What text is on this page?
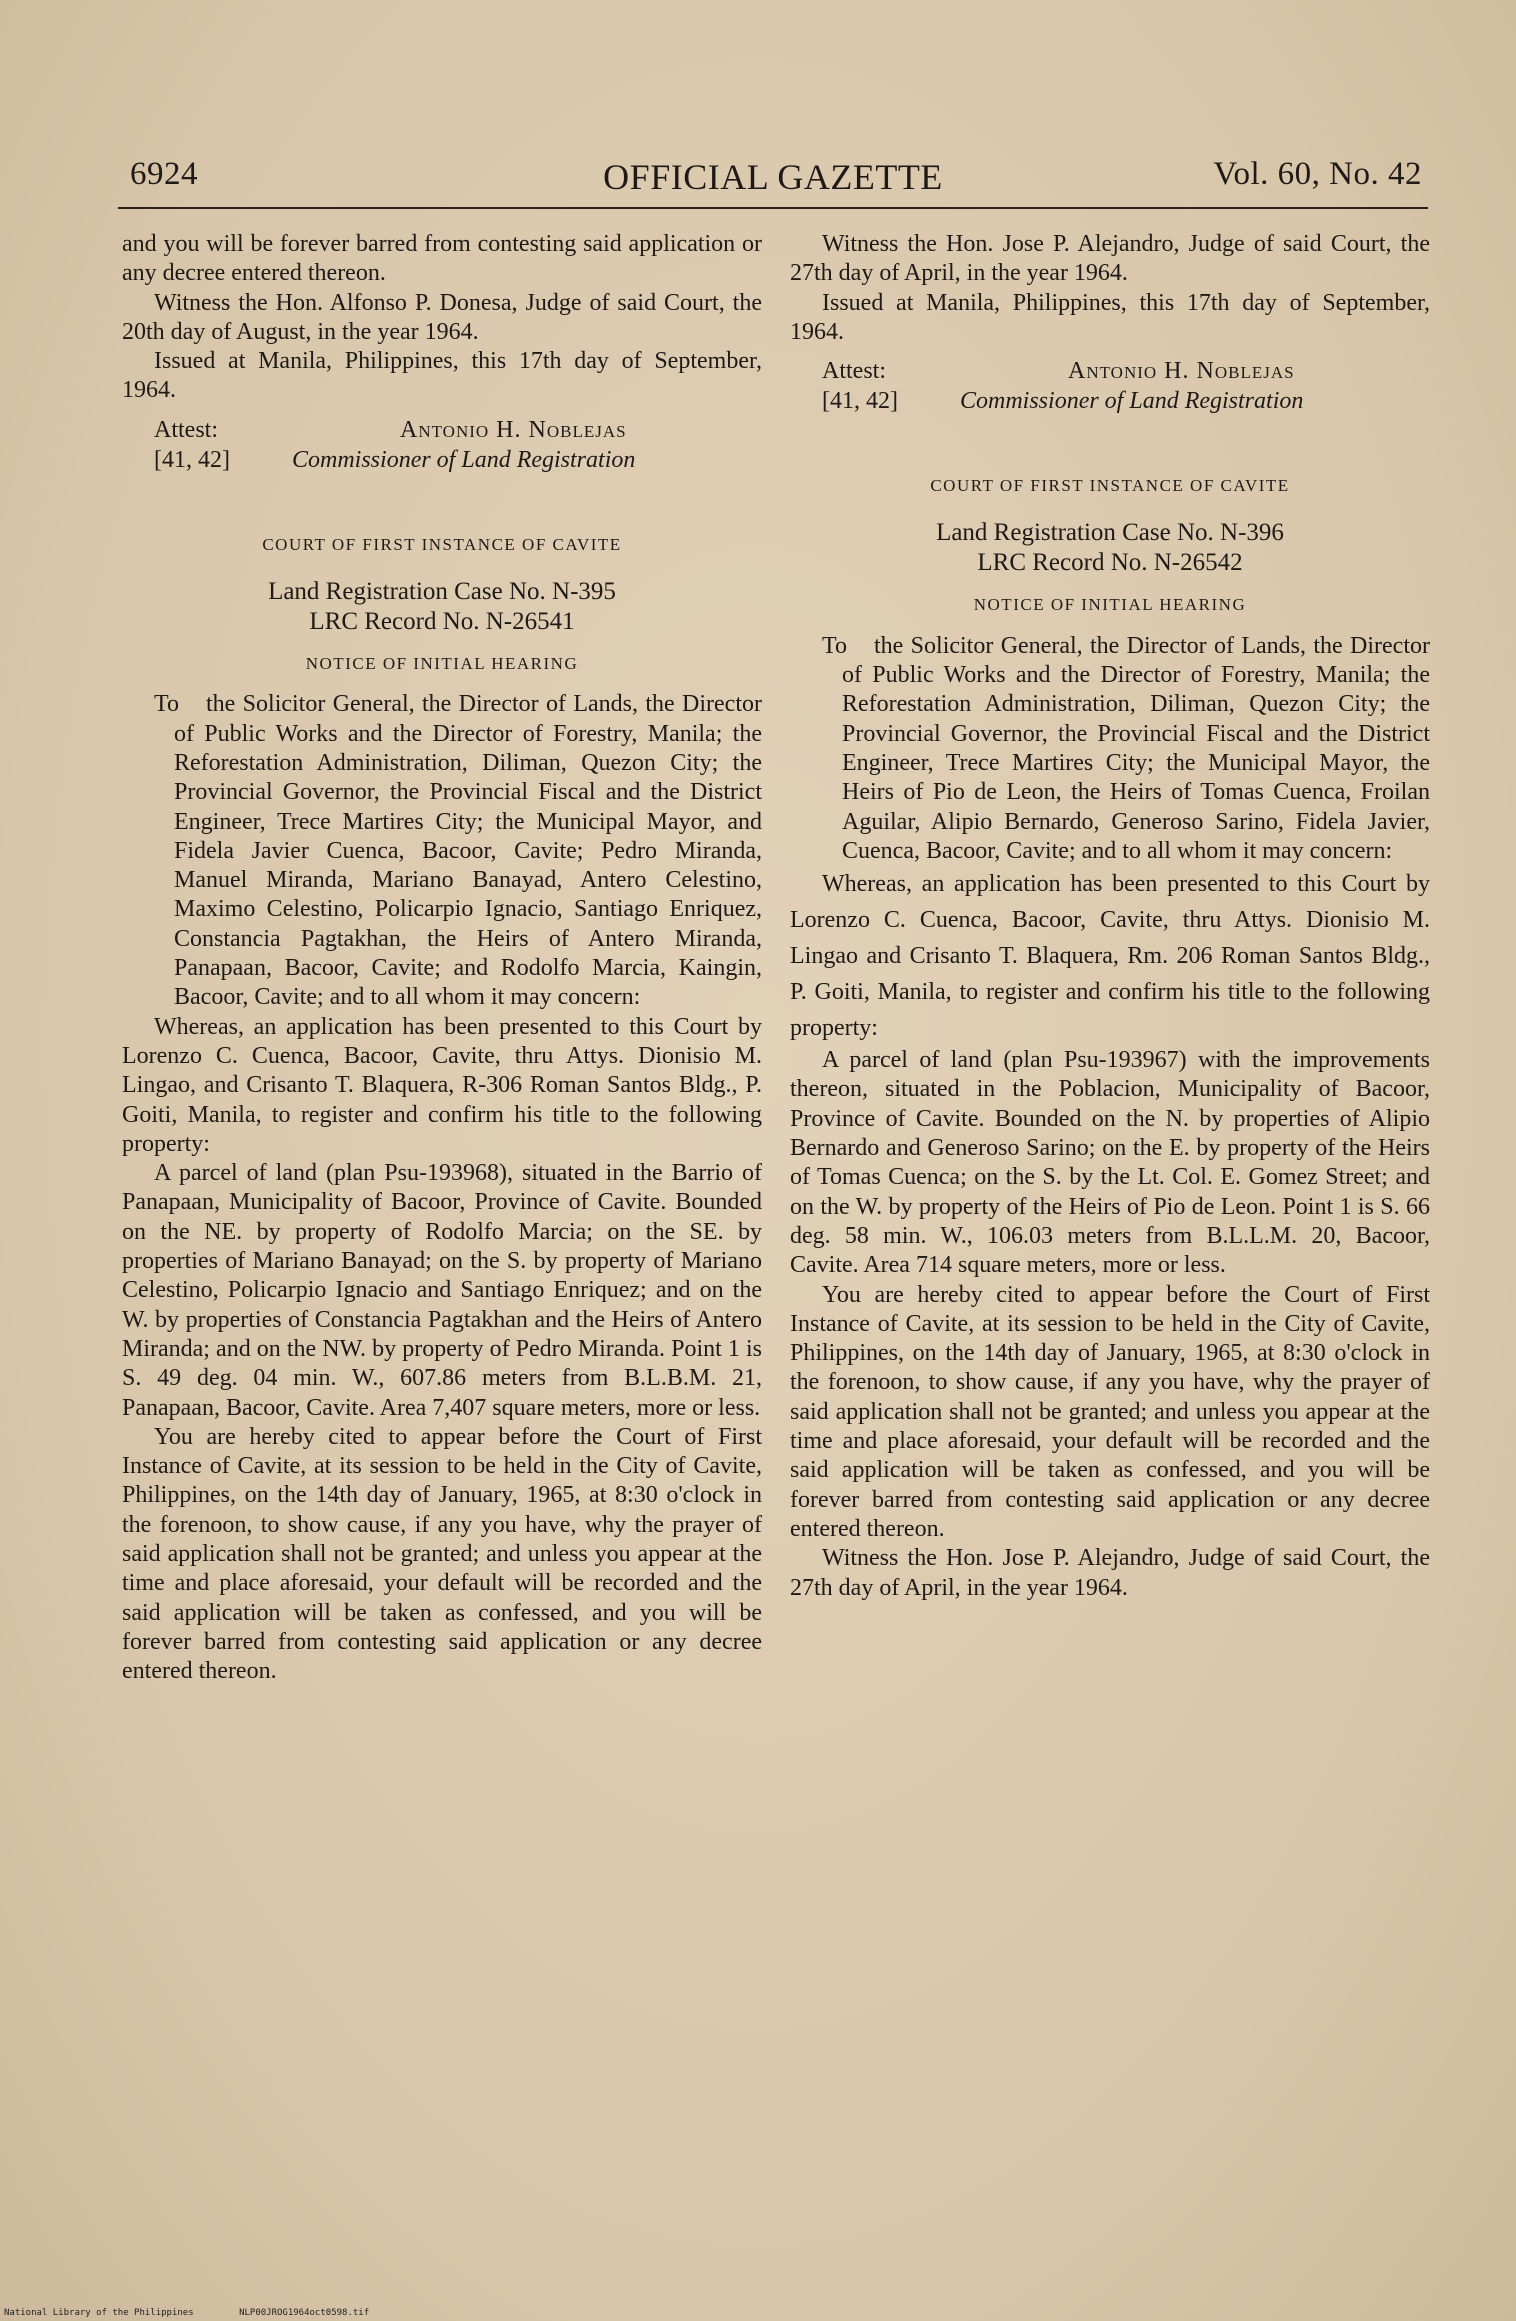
6924	OFFICIAL GAZETTE	Vol. 60, No. 42

and you will be forever barred from contesting said application or any decree entered thereon.

Witness the Hon. Alfonso P. Donesa, Judge of said Court, the 20th day of August, in the year 1964.

Issued at Manila, Philippines, this 17th day of September, 1964.

Attest:	Antonio H. Noblejas
[41, 42]	Commissioner of Land Registration
COURT OF FIRST INSTANCE OF CAVITE
Land Registration Case No. N-395
LRC Record No. N-26541
NOTICE OF INITIAL HEARING

To the Solicitor General, the Director of Lands, the Director of Public Works and the Director of Forestry, Manila; the Reforestation Administration, Diliman, Quezon City; the Provincial Governor, the Provincial Fiscal and the District Engineer, Trece Martires City; the Municipal Mayor, and Fidela Javier Cuenca, Bacoor, Cavite; Pedro Miranda, Manuel Miranda, Mariano Banayad, Antero Celestino, Maximo Celestino, Policarpio Ignacio, Santiago Enriquez, Constancia Pagtakhan, the Heirs of Antero Miranda, Panapaan, Bacoor, Cavite; and Rodolfo Marcia, Kaingin, Bacoor, Cavite; and to all whom it may concern:

Whereas, an application has been presented to this Court by Lorenzo C. Cuenca, Bacoor, Cavite, thru Attys. Dionisio M. Lingao, and Crisanto T. Blaquera, R-306 Roman Santos Bldg., P. Goiti, Manila, to register and confirm his title to the following property:

A parcel of land (plan Psu-193968), situated in the Barrio of Panapaan, Municipality of Bacoor, Province of Cavite. Bounded on the NE. by property of Rodolfo Marcia; on the SE. by properties of Mariano Banayad; on the S. by property of Mariano Celestino, Policarpio Ignacio and Santiago Enriquez; and on the W. by properties of Constancia Pagtakhan and the Heirs of Antero Miranda; and on the NW. by property of Pedro Miranda. Point 1 is S. 49 deg. 04 min. W., 607.86 meters from B.L.B.M. 21, Panapaan, Bacoor, Cavite. Area 7,407 square meters, more or less.

You are hereby cited to appear before the Court of First Instance of Cavite, at its session to be held in the City of Cavite, Philippines, on the 14th day of January, 1965, at 8:30 o'clock in the forenoon, to show cause, if any you have, why the prayer of said application shall not be granted; and unless you appear at the time and place aforesaid, your default will be recorded and the said application will be taken as confessed, and you will be forever barred from contesting said application or any decree entered thereon.

Witness the Hon. Jose P. Alejandro, Judge of said Court, the 27th day of April, in the year 1964.

Issued at Manila, Philippines, this 17th day of September, 1964.

Attest:	Antonio H. Noblejas
[41, 42]	Commissioner of Land Registration
COURT OF FIRST INSTANCE OF CAVITE
Land Registration Case No. N-396
LRC Record No. N-26542
NOTICE OF INITIAL HEARING

To the Solicitor General, the Director of Lands, the Director of Public Works and the Director of Forestry, Manila; the Reforestation Administration, Diliman, Quezon City; the Provincial Governor, the Provincial Fiscal and the District Engineer, Trece Martires City; the Municipal Mayor, the Heirs of Pio de Leon, the Heirs of Tomas Cuenca, Froilan Aguilar, Alipio Bernardo, Generoso Sarino, Fidela Javier, Cuenca, Bacoor, Cavite; and to all whom it may concern:

Whereas, an application has been presented to this Court by Lorenzo C. Cuenca, Bacoor, Cavite, thru Attys. Dionisio M. Lingao and Crisanto T. Blaquera, Rm. 206 Roman Santos Bldg., P. Goiti, Manila, to register and confirm his title to the following property:

A parcel of land (plan Psu-193967) with the improvements thereon, situated in the Poblacion, Municipality of Bacoor, Province of Cavite. Bounded on the N. by properties of Alipio Bernardo and Generoso Sarino; on the E. by property of the Heirs of Tomas Cuenca; on the S. by the Lt. Col. E. Gomez Street; and on the W. by property of the Heirs of Pio de Leon. Point 1 is S. 66 deg. 58 min. W., 106.03 meters from B.L.L.M. 20, Bacoor, Cavite. Area 714 square meters, more or less.

You are hereby cited to appear before the Court of First Instance of Cavite, at its session to be held in the City of Cavite, Philippines, on the 14th day of January, 1965, at 8:30 o'clock in the forenoon, to show cause, if any you have, why the prayer of said application shall not be granted; and unless you appear at the time and place aforesaid, your default will be recorded and the said application will be taken as confessed, and you will be forever barred from contesting said application or any decree entered thereon.

Witness the Hon. Jose P. Alejandro, Judge of said Court, the 27th day of April, in the year 1964.

National Library of the Philippines	NLP00JROG1964oct0598.tif
